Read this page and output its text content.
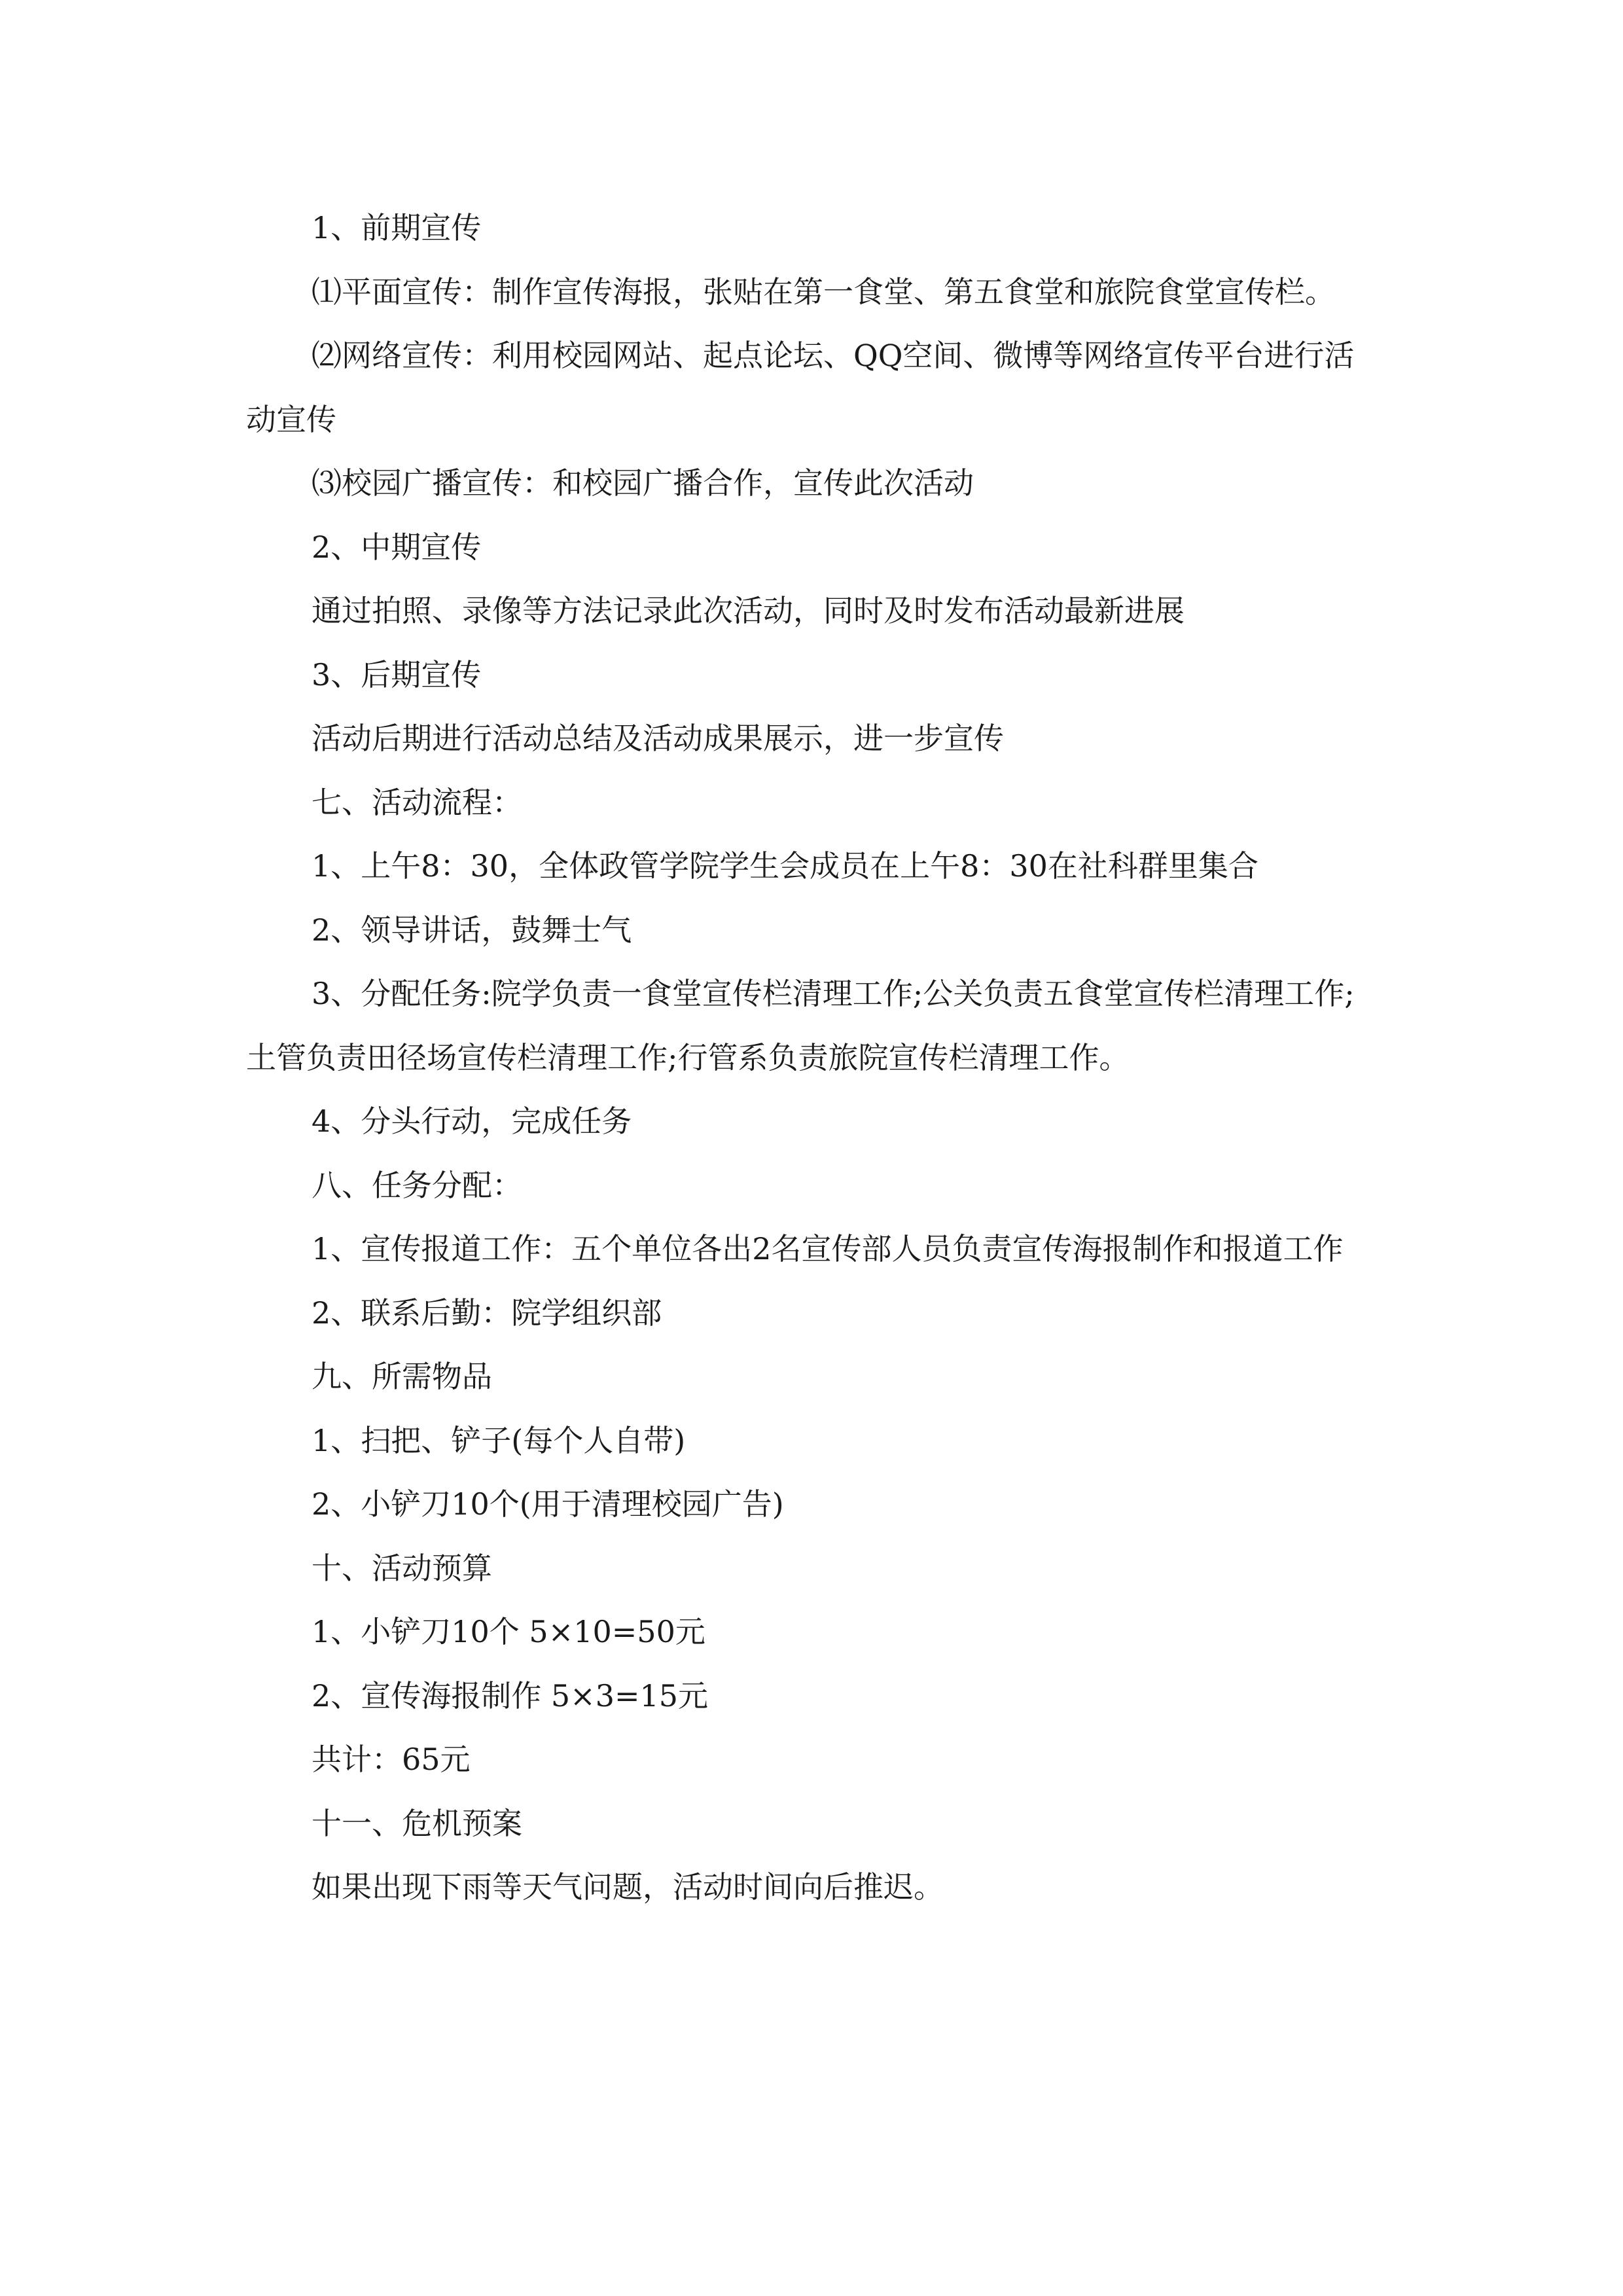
1、前期宣传

⑴平面宣传：制作宣传海报，张贴在第一食堂、第五食堂和旅院食堂宣传栏。

⑵网络宣传：利用校园网站、起点论坛、QQ空间、微博等网络宣传平台进行活动宣传

⑶校园广播宣传：和校园广播合作，宣传此次活动

2、中期宣传

通过拍照、录像等方法记录此次活动，同时及时发布活动最新进展

3、后期宣传

活动后期进行活动总结及活动成果展示，进一步宣传

七、活动流程：

1、上午8：30，全体政管学院学生会成员在上午8：30在社科群里集合

2、领导讲话，鼓舞士气

3、分配任务:院学负责一食堂宣传栏清理工作;公关负责五食堂宣传栏清理工作;土管负责田径场宣传栏清理工作;行管系负责旅院宣传栏清理工作。

4、分头行动，完成任务

八、任务分配：

1、宣传报道工作：五个单位各出2名宣传部人员负责宣传海报制作和报道工作

2、联系后勤：院学组织部

九、所需物品

1、扫把、铲子(每个人自带)

2、小铲刀10个(用于清理校园广告)

十、活动预算

1、小铲刀10个 5×10=50元

2、宣传海报制作 5×3=15元

共计：65元

十一、危机预案

如果出现下雨等天气问题，活动时间向后推迟。
